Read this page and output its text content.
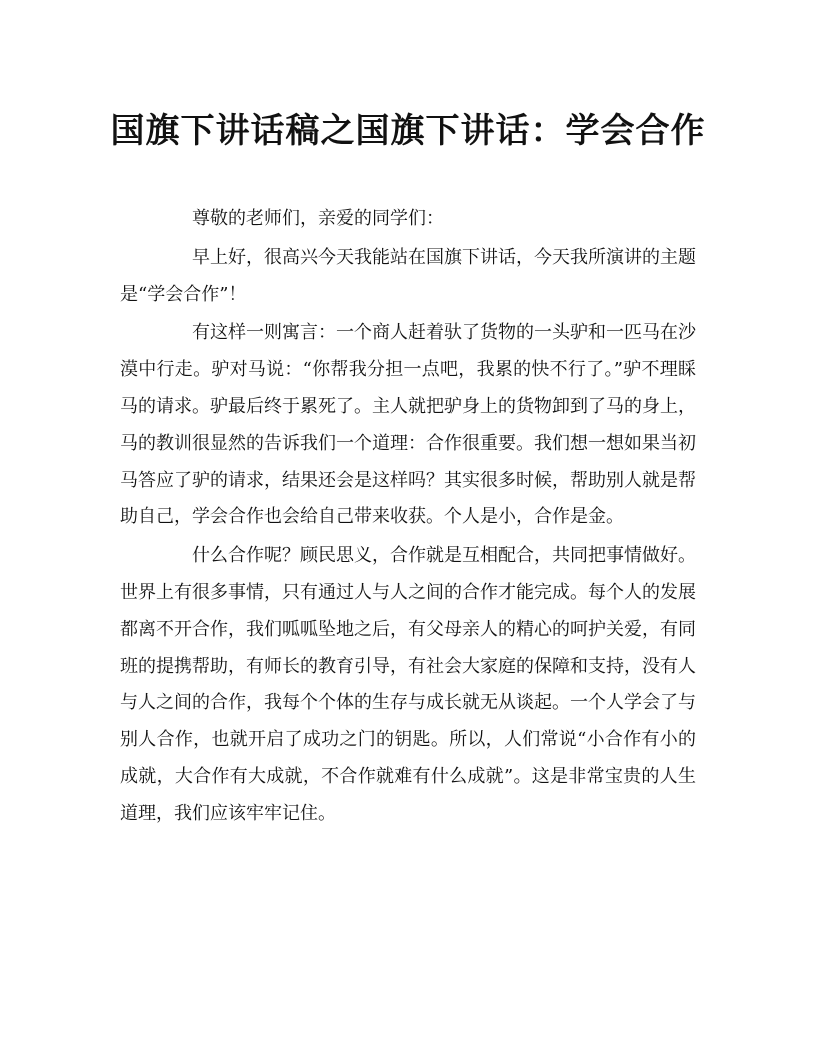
国旗下讲话稿之国旗下讲话：学会合作

尊敬的老师们，亲爱的同学们：

早上好，很高兴今天我能站在国旗下讲话，今天我所演讲的主题是“学会合作”！

有这样一则寓言：一个商人赶着驮了货物的一头驴和一匹马在沙漠中行走。驴对马说：“你帮我分担一点吧，我累的快不行了。”驴不理睬马的请求。驴最后终于累死了。主人就把驴身上的货物卸到了马的身上，马的教训很显然的告诉我们一个道理：合作很重要。我们想一想如果当初马答应了驴的请求，结果还会是这样吗？其实很多时候，帮助别人就是帮助自己，学会合作也会给自己带来收获。个人是小，合作是金。

什么合作呢？顾民思义，合作就是互相配合，共同把事情做好。世界上有很多事情，只有通过人与人之间的合作才能完成。每个人的发展都离不开合作，我们呱呱坠地之后，有父母亲人的精心的呵护关爱，有同班的提携帮助，有师长的教育引导，有社会大家庭的保障和支持，没有人与人之间的合作，我每个个体的生存与成长就无从谈起。一个人学会了与别人合作，也就开启了成功之门的钥匙。所以，人们常说“小合作有小的成就，大合作有大成就，不合作就难有什么成就”。这是非常宝贵的人生道理，我们应该牢牢记住。
